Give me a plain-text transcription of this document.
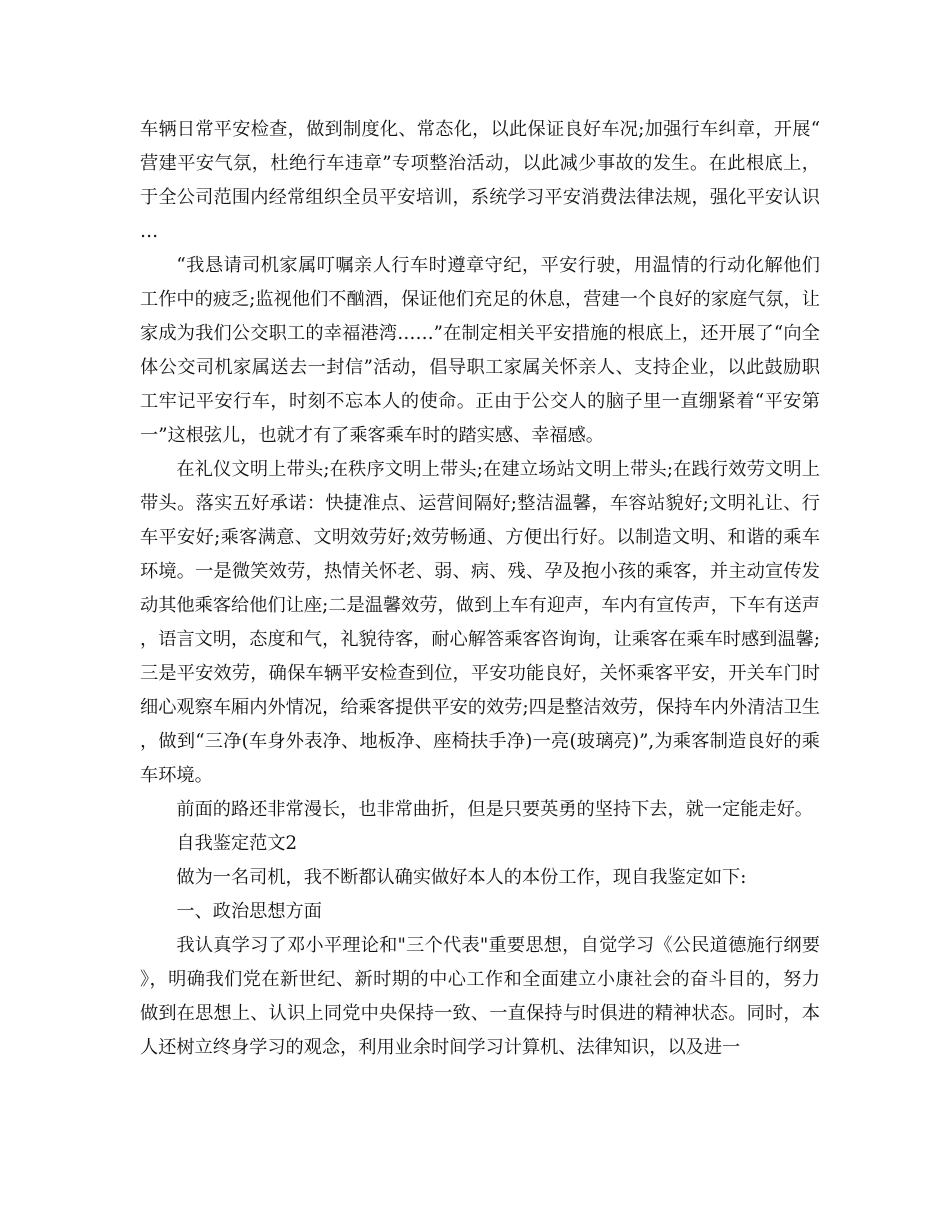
车辆日常平安检查，做到制度化、常态化，以此保证良好车况;加强行车纠章，开展“营建平安气氛，杜绝行车违章”专项整治活动，以此减少事故的发生。在此根底上，于全公司范围内经常组织全员平安培训，系统学习平安消费法律法规，强化平安认识…

“我恳请司机家属叮嘱亲人行车时遵章守纪，平安行驶，用温情的行动化解他们工作中的疲乏;监视他们不酗酒，保证他们充足的休息，营建一个良好的家庭气氛，让家成为我们公交职工的幸福港湾……”在制定相关平安措施的根底上，还开展了“向全体公交司机家属送去一封信”活动，倡导职工家属关怀亲人、支持企业，以此鼓励职工牢记平安行车，时刻不忘本人的使命。正由于公交人的脑子里一直绷紧着“平安第一”这根弦儿，也就才有了乘客乘车时的踏实感、幸福感。

在礼仪文明上带头;在秩序文明上带头;在建立场站文明上带头;在践行效劳文明上带头。落实五好承诺：快捷准点、运营间隔好;整洁温馨，车容站貌好;文明礼让、行车平安好;乘客满意、文明效劳好;效劳畅通、方便出行好。以制造文明、和谐的乘车环境。一是微笑效劳，热情关怀老、弱、病、残、孕及抱小孩的乘客，并主动宣传发动其他乘客给他们让座;二是温馨效劳，做到上车有迎声，车内有宣传声，下车有送声，语言文明，态度和气，礼貌待客，耐心解答乘客咨询询，让乘客在乘车时感到温馨;三是平安效劳，确保车辆平安检查到位，平安功能良好，关怀乘客平安，开关车门时细心观察车厢内外情况，给乘客提供平安的效劳;四是整洁效劳，保持车内外清洁卫生，做到“三净(车身外表净、地板净、座椅扶手净)一亮(玻璃亮)”,为乘客制造良好的乘车环境。

前面的路还非常漫长，也非常曲折，但是只要英勇的坚持下去，就一定能走好。

自我鉴定范文2

做为一名司机，我不断都认确实做好本人的本份工作，现自我鉴定如下:

一、政治思想方面

我认真学习了邓小平理论和"三个代表"重要思想，自觉学习《公民道德施行纲要》，明确我们党在新世纪、新时期的中心工作和全面建立小康社会的奋斗目的，努力做到在思想上、认识上同党中央保持一致、一直保持与时俱进的精神状态。同时，本人还树立终身学习的观念，利用业余时间学习计算机、法律知识，以及进一
